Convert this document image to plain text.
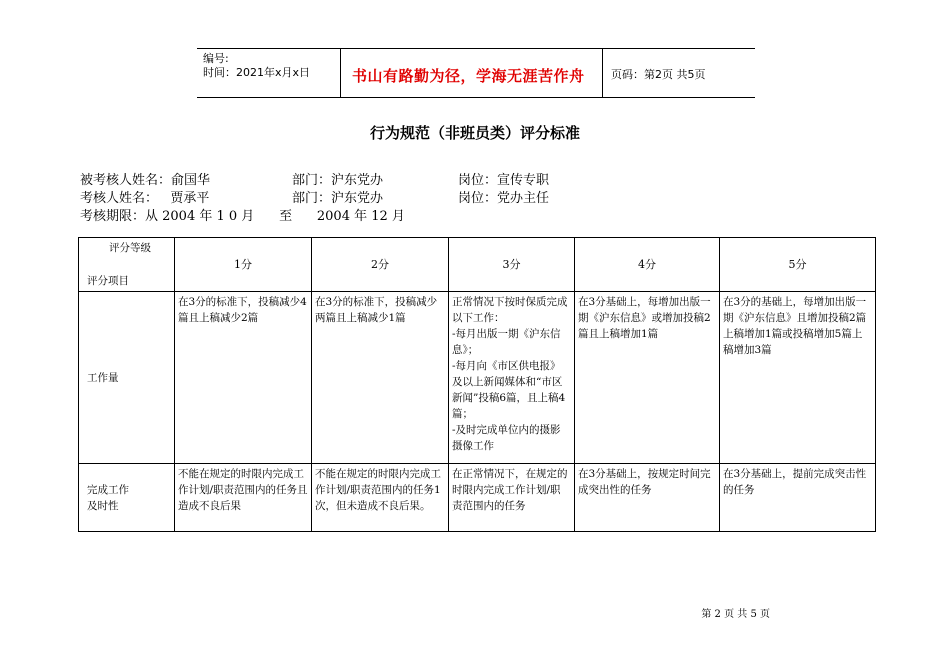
编号:
时间：2021年x月x日	书山有路勤为径，学海无涯苦作舟 页码：第2页 共5页
行为规范（非班员类）评分标准
被考核人姓名：俞国华	部门：沪东党办	岗位：宣传专职
考核人姓名：   贾承平	部门：沪东党办	岗位：党办主任
考核期限：从 2004 年 1 0 月      至      2004 年 12 月
评分等级
评分项目	1分	2分	3分	4分	5分
工作量	在3分的标准下，投稿减少4篇且上稿减少2篇	在3分的标准下，投稿减少两篇且上稿减少1篇	正常情况下按时保质完成以下工作：
-每月出版一期《沪东信息》；
-每月向《市区供电报》及以上新闻媒体和“市区新闻”投稿6篇，且上稿4篇；
-及时完成单位内的摄影摄像工作	在3分基础上，每增加出版一期《沪东信息》或增加投稿2篇且上稿增加1篇	在3分的基础上，每增加出版一期《沪东信息》且增加投稿2篇上稿增加1篇或投稿增加5篇上稿增加3篇
完成工作
及时性	不能在规定的时限内完成工作计划/职责范围内的任务且造成不良后果	不能在规定的时限内完成工作计划/职责范围内的任务1次，但未造成不良后果。	在正常情况下，在规定的时限内完成工作计划/职责范围内的任务	在3分基础上，按规定时间完成突出性的任务	在3分基础上，提前完成突击性的任务
第 2 页 共 5 页
